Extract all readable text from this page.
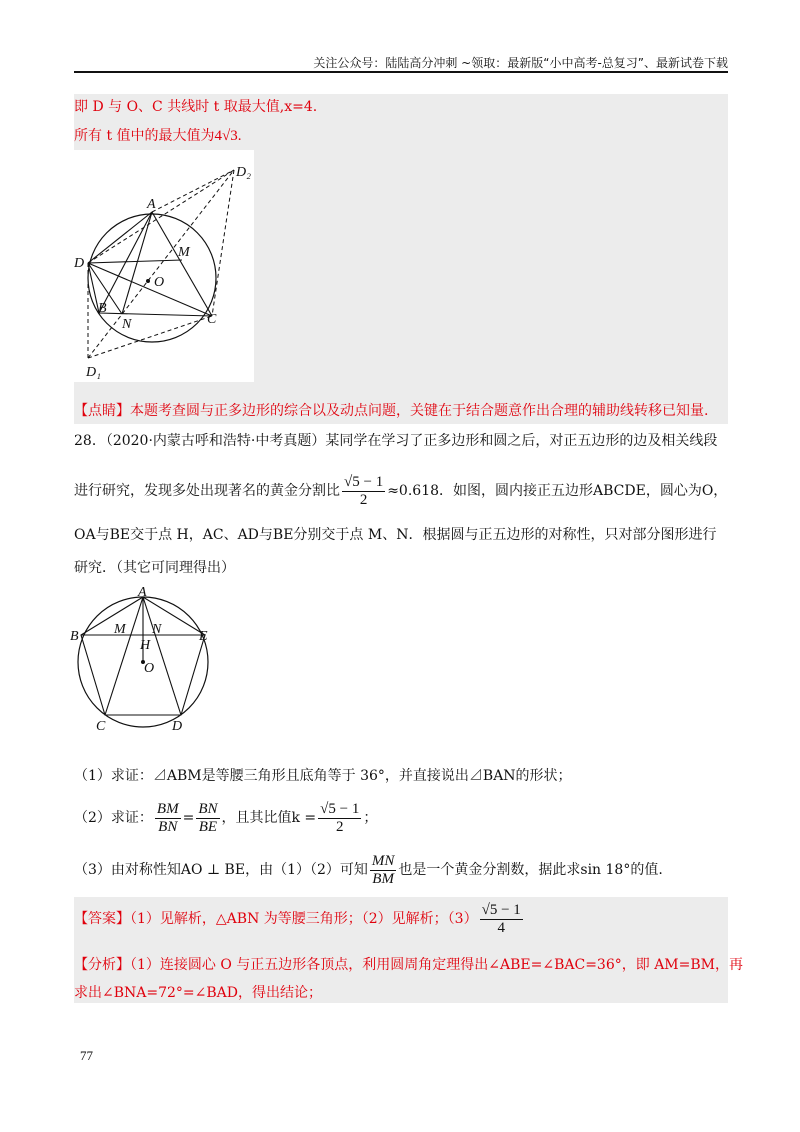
关注公众号：陆陆高分冲刺 ~领取：最新版“小中高考-总复习”、最新试卷下载
即 D 与 O、C 共线时 t 取最大值,x=4.
所有 t 值中的最大值为4√3.
D₂
A
M
D
O
B
N	C
D₁
【点睛】本题考查圆与正多边形的综合以及动点问题，关键在于结合题意作出合理的辅助线转移已知量.
28．（2020·内蒙古呼和浩特·中考真题）某同学在学习了正多边形和圆之后，对正五边形的边及相关线段
进行研究，发现多处出现著名的黄金分割比 $\frac{√5 - 1}{2} \approx 0.618$．如图，圆内接正五边形ABCDE，圆心为O，
OA与BE交于点 H，AC、AD与BE分别交于点 M、N．根据圆与正五边形的对称性，只对部分图形进行
研究．（其它可同理得出）
A
B	M N	E
H
O
C	D
（1）求证：⊿ABM是等腰三角形且底角等于 36°，并直接说出⊿BAN的形状；
（2）求证： $\frac{BM}{BN} = \frac{BN}{BE}$ ，且其比值$k = \frac{√5 - 1}{2}$ ；
（3）由对称性知AO ⊥ BE，由（1）（2）可知 $\frac{MN}{BM}$ 也是一个黄金分割数，据此求sin 18°的值.
【答案】（1）见解析，△ABN 为等腰三角形；（2）见解析；$(3) \frac{√5 - 1}{4}$
【分析】（1）连接圆心 O 与正五边形各顶点，利用圆周角定理得出∠ABE=∠BAC=36°，即 AM=BM，再
求出∠BNA=72°=∠BAD，得出结论；
77
